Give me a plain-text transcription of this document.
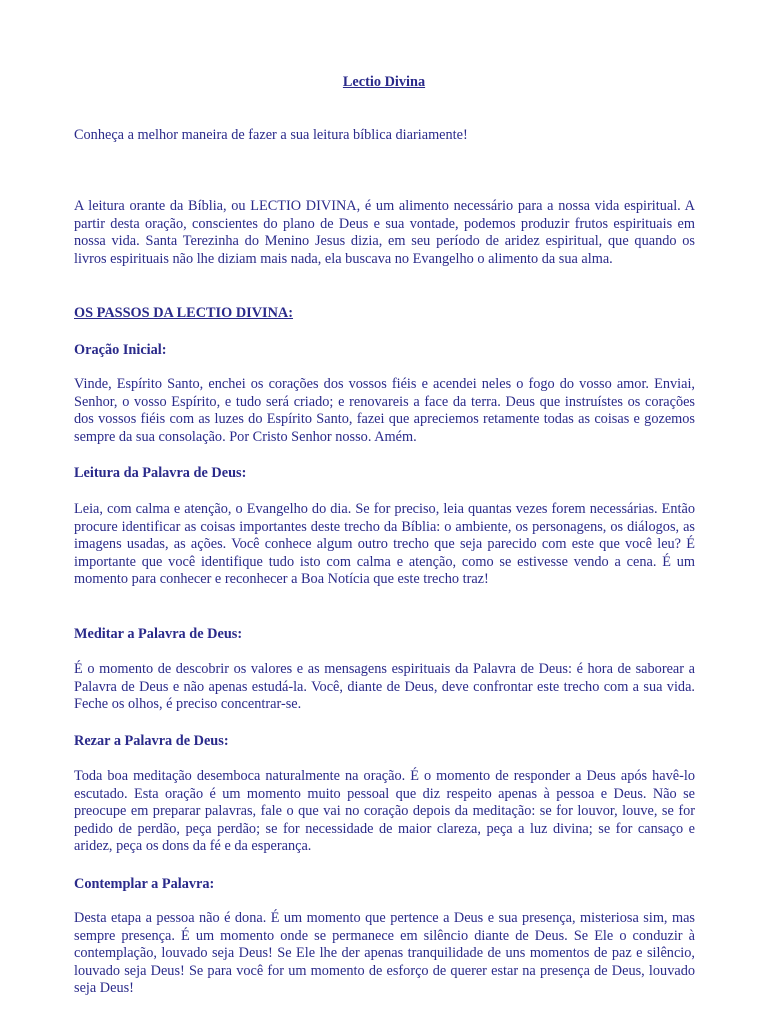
Lectio Divina

Conheça a melhor maneira de fazer a sua leitura bíblica diariamente!

A leitura orante da Bíblia, ou LECTIO DIVINA, é um alimento necessário para a nossa vida espiritual. A partir desta oração, conscientes do plano de Deus e sua vontade, podemos produzir frutos espirituais em nossa vida. Santa Terezinha do Menino Jesus dizia, em seu período de aridez espiritual, que quando os livros espirituais não lhe diziam mais nada, ela buscava no Evangelho o alimento da sua alma.

OS PASSOS DA LECTIO DIVINA:

Oração Inicial:

Vinde, Espírito Santo, enchei os corações dos vossos fiéis e acendei neles o fogo do vosso amor. Enviai, Senhor, o vosso Espírito, e tudo será criado; e renovareis a face da terra. Deus que instruístes os corações dos vossos fiéis com as luzes do Espírito Santo, fazei que apreciemos retamente todas as coisas e gozemos sempre da sua consolação. Por Cristo Senhor nosso. Amém.

Leitura da Palavra de Deus:

Leia, com calma e atenção, o Evangelho do dia. Se for preciso, leia quantas vezes forem necessárias. Então procure identificar as coisas importantes deste trecho da Bíblia: o ambiente, os personagens, os diálogos, as imagens usadas, as ações. Você conhece algum outro trecho que seja parecido com este que você leu? É importante que você identifique tudo isto com calma e atenção, como se estivesse vendo a cena. É um momento para conhecer e reconhecer a Boa Notícia que este trecho traz!

Meditar a Palavra de Deus:

É o momento de descobrir os valores e as mensagens espirituais da Palavra de Deus: é hora de saborear a Palavra de Deus e não apenas estudá-la. Você, diante de Deus, deve confrontar este trecho com a sua vida. Feche os olhos, é preciso concentrar-se.

Rezar a Palavra de Deus:

Toda boa meditação desemboca naturalmente na oração. É o momento de responder a Deus após havê-lo escutado. Esta oração é um momento muito pessoal que diz respeito apenas à pessoa e Deus. Não se preocupe em preparar palavras, fale o que vai no coração depois da meditação: se for louvor, louve, se for pedido de perdão, peça perdão; se for necessidade de maior clareza, peça a luz divina; se for cansaço e aridez, peça os dons da fé e da esperança.

Contemplar a Palavra:

Desta etapa a pessoa não é dona. É um momento que pertence a Deus e sua presença, misteriosa sim, mas sempre presença. É um momento onde se permanece em silêncio diante de Deus. Se Ele o conduzir à contemplação, louvado seja Deus! Se Ele lhe der apenas tranquilidade de uns momentos de paz e silêncio, louvado seja Deus! Se para você for um momento de esforço de querer estar na presença de Deus, louvado seja Deus!
